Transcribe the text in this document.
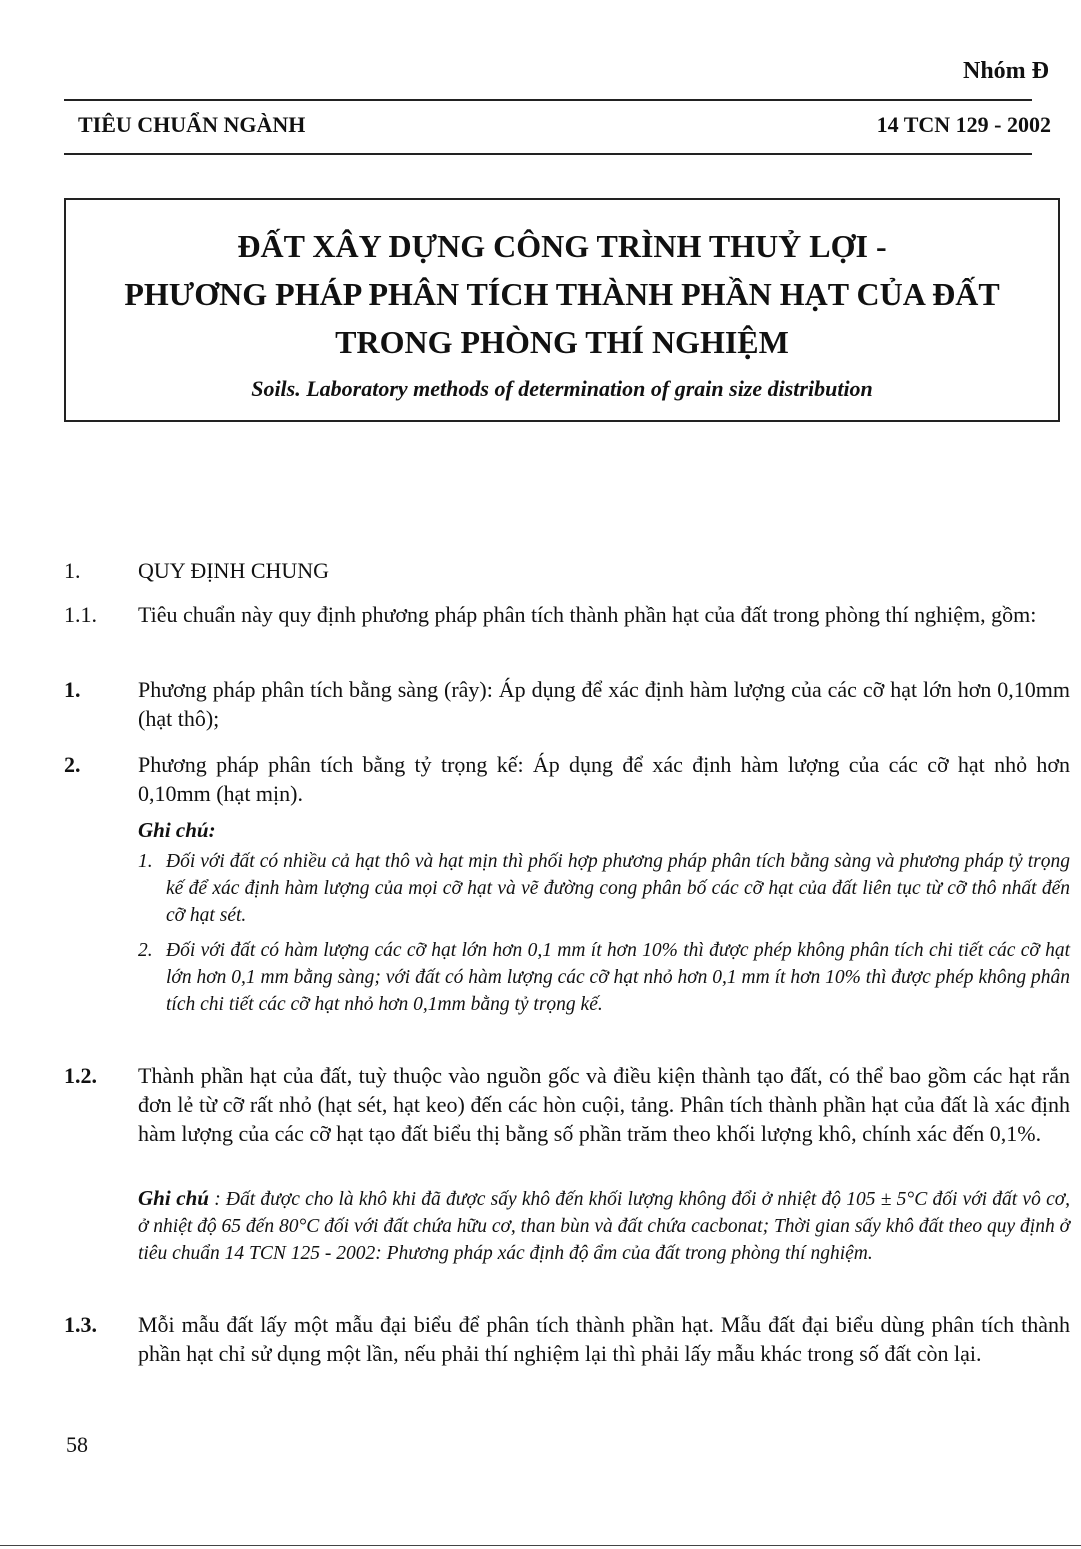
Nhóm Đ
TIÊU CHUẨN NGÀNH	14 TCN 129 - 2002
ĐẤT XÂY DỰNG CÔNG TRÌNH THUỶ LỢI -
PHƯƠNG PHÁP PHÂN TÍCH THÀNH PHẦN HẠT CỦA ĐẤT
TRONG PHÒNG THÍ NGHIỆM
Soils. Laboratory methods of determination of grain size distribution
1.	QUY ĐỊNH CHUNG
1.1. Tiêu chuẩn này quy định phương pháp phân tích thành phần hạt của đất trong phòng thí nghiệm, gồm:
1.	Phương pháp phân tích bằng sàng (rây): Áp dụng để xác định hàm lượng của các cỡ hạt lớn hơn 0,10mm (hạt thô);
2.	Phương pháp phân tích bằng tỷ trọng kế: Áp dụng để xác định hàm lượng của các cỡ hạt nhỏ hơn 0,10mm (hạt mịn).
Ghi chú:
1. Đối với đất có nhiều cả hạt thô và hạt mịn thì phối hợp phương pháp phân tích bằng sàng và phương pháp tỷ trọng kế để xác định hàm lượng của mọi cỡ hạt và vẽ đường cong phân bố các cỡ hạt của đất liên tục từ cỡ thô nhất đến cỡ hạt sét.
2. Đối với đất có hàm lượng các cỡ hạt lớn hơn 0,1 mm ít hơn 10% thì được phép không phân tích chi tiết các cỡ hạt lớn hơn 0,1 mm bằng sàng; với đất có hàm lượng các cỡ hạt nhỏ hơn 0,1 mm ít hơn 10% thì được phép không phân tích chi tiết các cỡ hạt nhỏ hơn 0,1mm bằng tỷ trọng kế.
1.2. Thành phần hạt của đất, tuỳ thuộc vào nguồn gốc và điều kiện thành tạo đất, có thể bao gồm các hạt rắn đơn lẻ từ cỡ rất nhỏ (hạt sét, hạt keo) đến các hòn cuội, tảng. Phân tích thành phần hạt của đất là xác định hàm lượng của các cỡ hạt tạo đất biểu thị bằng số phần trăm theo khối lượng khô, chính xác đến 0,1%.
Ghi chú : Đất được cho là khô khi đã được sấy khô đến khối lượng không đổi ở nhiệt độ 105 ± 5°C đối với đất vô cơ, ở nhiệt độ 65 đến 80°C đối với đất chứa hữu cơ, than bùn và đất chứa cacbonat; Thời gian sấy khô đất theo quy định ở tiêu chuẩn 14 TCN 125 - 2002: Phương pháp xác định độ ẩm của đất trong phòng thí nghiệm.
1.3. Mỗi mẫu đất lấy một mẫu đại biểu để phân tích thành phần hạt. Mẫu đất đại biểu dùng phân tích thành phần hạt chỉ sử dụng một lần, nếu phải thí nghiệm lại thì phải lấy mẫu khác trong số đất còn lại.
58
